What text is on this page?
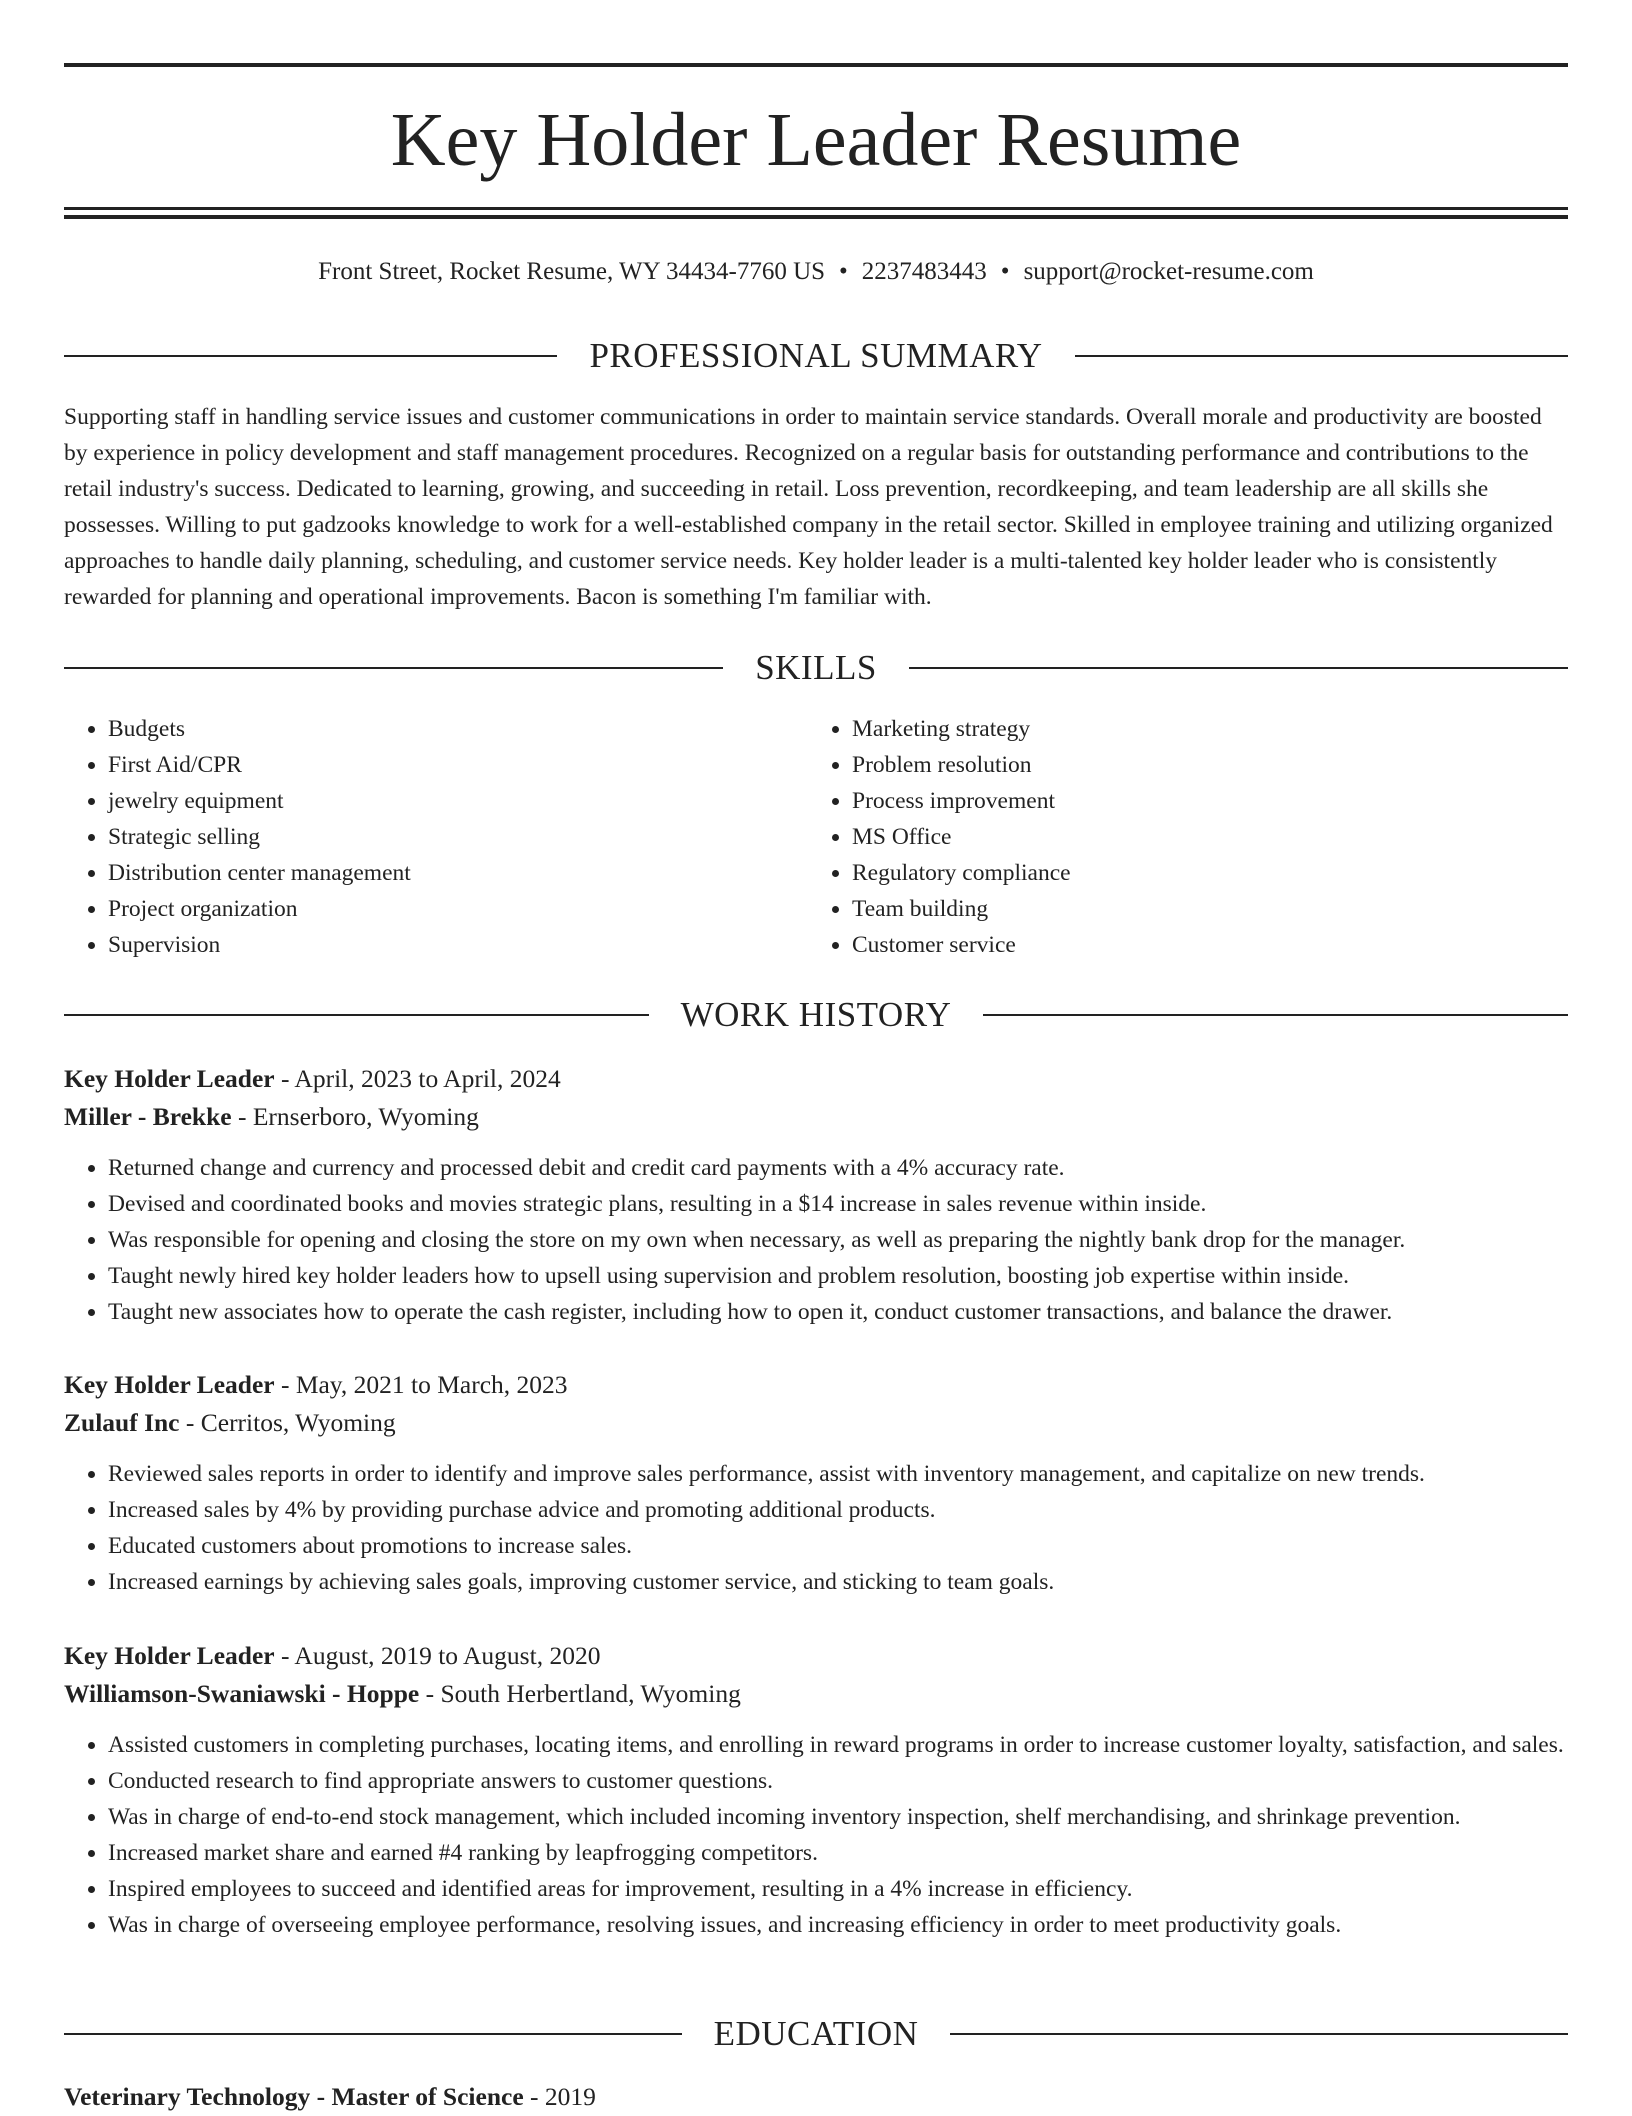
Key Holder Leader Resume
Front Street, Rocket Resume, WY 34434-7760 US • 2237483443 • support@rocket-resume.com
PROFESSIONAL SUMMARY

Supporting staff in handling service issues and customer communications in order to maintain service standards. Overall morale and productivity are boosted by experience in policy development and staff management procedures. Recognized on a regular basis for outstanding performance and contributions to the retail industry's success. Dedicated to learning, growing, and succeeding in retail. Loss prevention, recordkeeping, and team leadership are all skills she possesses. Willing to put gadzooks knowledge to work for a well-established company in the retail sector. Skilled in employee training and utilizing organized approaches to handle daily planning, scheduling, and customer service needs. Key holder leader is a multi-talented key holder leader who is consistently rewarded for planning and operational improvements. Bacon is something I'm familiar with.

SKILLS
• Budgets
• First Aid/CPR
• jewelry equipment
• Strategic selling
• Distribution center management
• Project organization
• Supervision
• Marketing strategy
• Problem resolution
• Process improvement
• MS Office
• Regulatory compliance
• Team building
• Customer service
WORK HISTORY
Key Holder Leader - April, 2023 to April, 2024
Miller - Brekke - Ernserboro, Wyoming
• Returned change and currency and processed debit and credit card payments with a 4% accuracy rate.
• Devised and coordinated books and movies strategic plans, resulting in a $14 increase in sales revenue within inside.
• Was responsible for opening and closing the store on my own when necessary, as well as preparing the nightly bank drop for the manager.
• Taught newly hired key holder leaders how to upsell using supervision and problem resolution, boosting job expertise within inside.
• Taught new associates how to operate the cash register, including how to open it, conduct customer transactions, and balance the drawer.
Key Holder Leader - May, 2021 to March, 2023
Zulauf Inc - Cerritos, Wyoming
• Reviewed sales reports in order to identify and improve sales performance, assist with inventory management, and capitalize on new trends.
• Increased sales by 4% by providing purchase advice and promoting additional products.
• Educated customers about promotions to increase sales.
• Increased earnings by achieving sales goals, improving customer service, and sticking to team goals.
Key Holder Leader - August, 2019 to August, 2020
Williamson-Swaniawski - Hoppe - South Herbertland, Wyoming
• Assisted customers in completing purchases, locating items, and enrolling in reward programs in order to increase customer loyalty, satisfaction, and sales.
• Conducted research to find appropriate answers to customer questions.
• Was in charge of end-to-end stock management, which included incoming inventory inspection, shelf merchandising, and shrinkage prevention.
• Increased market share and earned #4 ranking by leapfrogging competitors.
• Inspired employees to succeed and identified areas for improvement, resulting in a 4% increase in efficiency.
• Was in charge of overseeing employee performance, resolving issues, and increasing efficiency in order to meet productivity goals.
EDUCATION
Veterinary Technology - Master of Science - 2019
